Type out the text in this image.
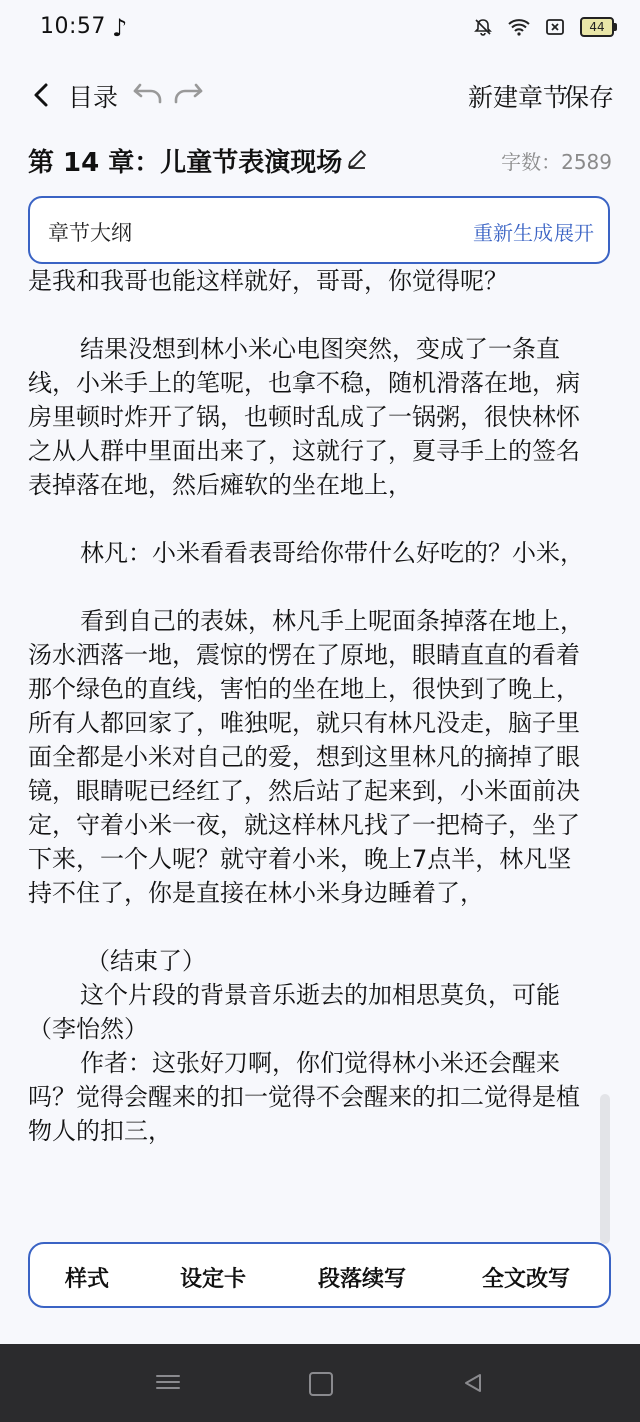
10:57 ♪	44
目录	新建章节
保存
第 14 章：儿童节表演现场	字数：2589
章节大纲	重新生成 展开

是我和我哥也能这样就好，哥哥，你觉得呢？

结果没想到林小米心电图突然，变成了一条直线，小米手上的笔呢，也拿不稳，随机滑落在地，病房里顿时炸开了锅，也顿时乱成了一锅粥，很快林怀之从人群中里面出来了，这就行了，夏寻手上的签名表掉落在地，然后瘫软的坐在地上，

林凡：小米看看表哥给你带什么好吃的？小米，

看到自己的表妹，林凡手上呢面条掉落在地上，汤水洒落一地，震惊的愣在了原地，眼睛直直的看着那个绿色的直线，害怕的坐在地上，很快到了晚上，所有人都回家了，唯独呢，就只有林凡没走，脑子里面全都是小米对自己的爱，想到这里林凡的摘掉了眼镜，眼睛呢已经红了，然后站了起来到，小米面前决定，守着小米一夜，就这样林凡找了一把椅子，坐了下来，一个人呢？就守着小米，晚上7点半，林凡坚持不住了，你是直接在林小米身边睡着了，

（结束了）

这个片段的背景音乐逝去的加相思莫负，可能（李怡然）

作者：这张好刀啊，你们觉得林小米还会醒来吗？觉得会醒来的扣一觉得不会醒来的扣二觉得是植物人的扣三，

样式	设定卡	段落续写	全文改写
